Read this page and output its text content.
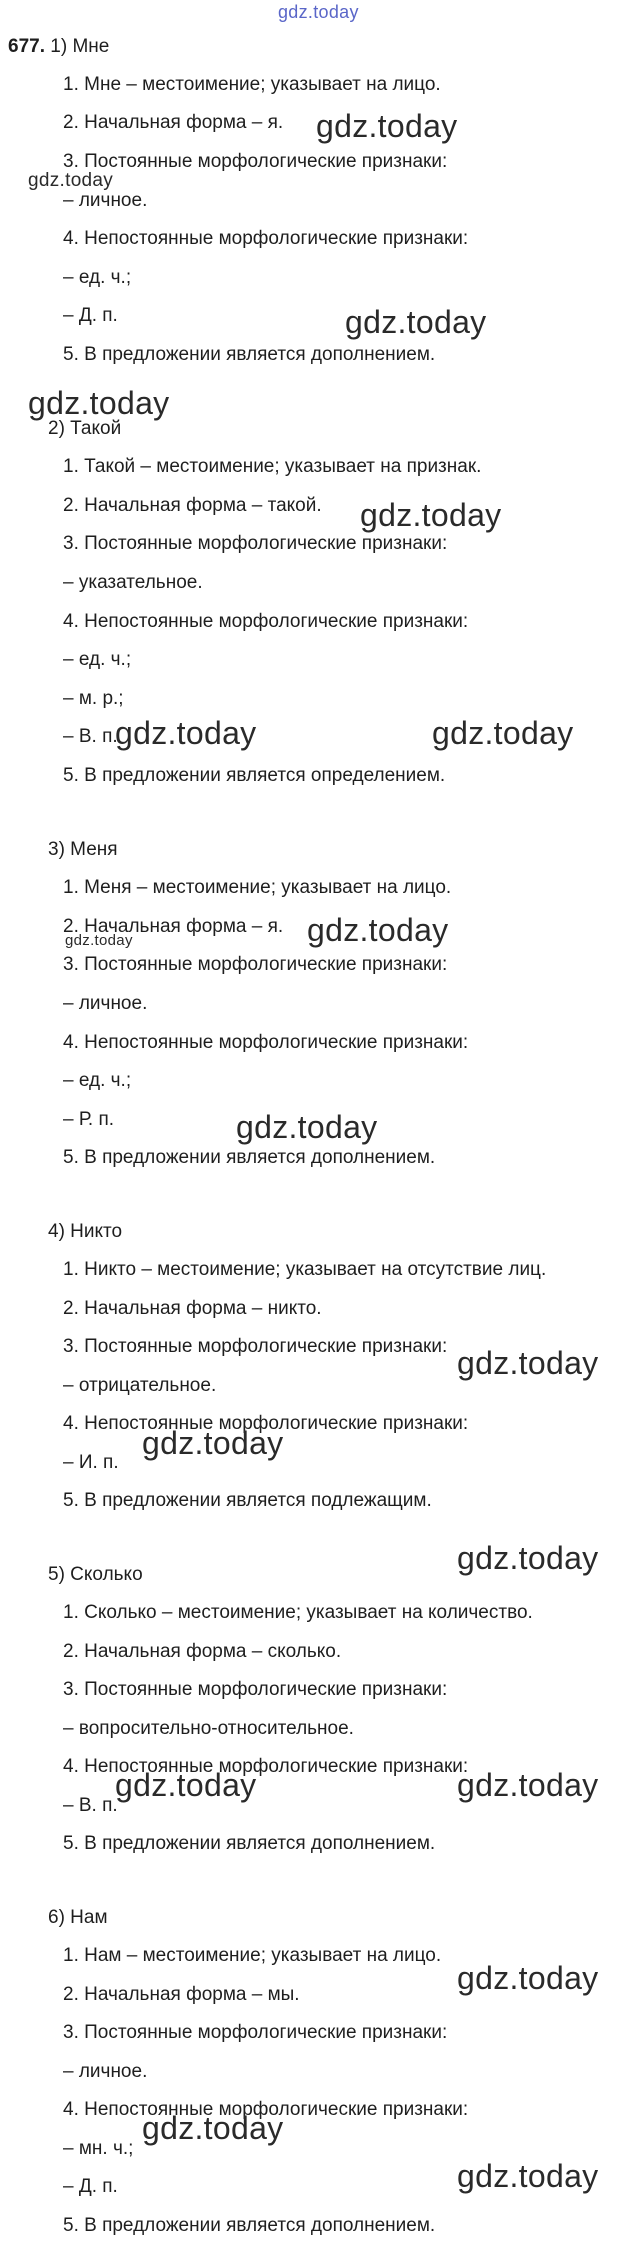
gdz.today
677. 1) Мне
1. Мне – местоимение; указывает на лицо.
2. Начальная форма – я.
3. Постоянные морфологические признаки:
– личное.
4. Непостоянные морфологические признаки:
– ед. ч.;
– Д. п.
5. В предложении является дополнением.
2) Такой
1. Такой – местоимение; указывает на признак.
2. Начальная форма – такой.
3. Постоянные морфологические признаки:
– указательное.
4. Непостоянные морфологические признаки:
– ед. ч.;
– м. р.;
– В. п.
5. В предложении является определением.
3) Меня
1. Меня – местоимение; указывает на лицо.
2. Начальная форма – я.
3. Постоянные морфологические признаки:
– личное.
4. Непостоянные морфологические признаки:
– ед. ч.;
– Р. п.
5. В предложении является дополнением.
4) Никто
1. Никто – местоимение; указывает на отсутствие лиц.
2. Начальная форма – никто.
3. Постоянные морфологические признаки:
– отрицательное.
4. Непостоянные морфологические признаки:
– И. п.
5. В предложении является подлежащим.
5) Сколько
1. Сколько – местоимение; указывает на количество.
2. Начальная форма – сколько.
3. Постоянные морфологические признаки:
– вопросительно-относительное.
4. Непостоянные морфологические признаки:
– В. п.
5. В предложении является дополнением.
6) Нам
1. Нам – местоимение; указывает на лицо.
2. Начальная форма – мы.
3. Постоянные морфологические признаки:
– личное.
4. Непостоянные морфологические признаки:
– мн. ч.;
– Д. п.
5. В предложении является дополнением.
gdz.today
gdz.today
gdz.today
gdz.today
gdz.today
gdz.today	gdz.today
gdz.today
gdz.today
gdz.today
gdz.today
gdz.today
gdz.today
gdz.today	gdz.today
gdz.today
gdz.today
gdz.today
